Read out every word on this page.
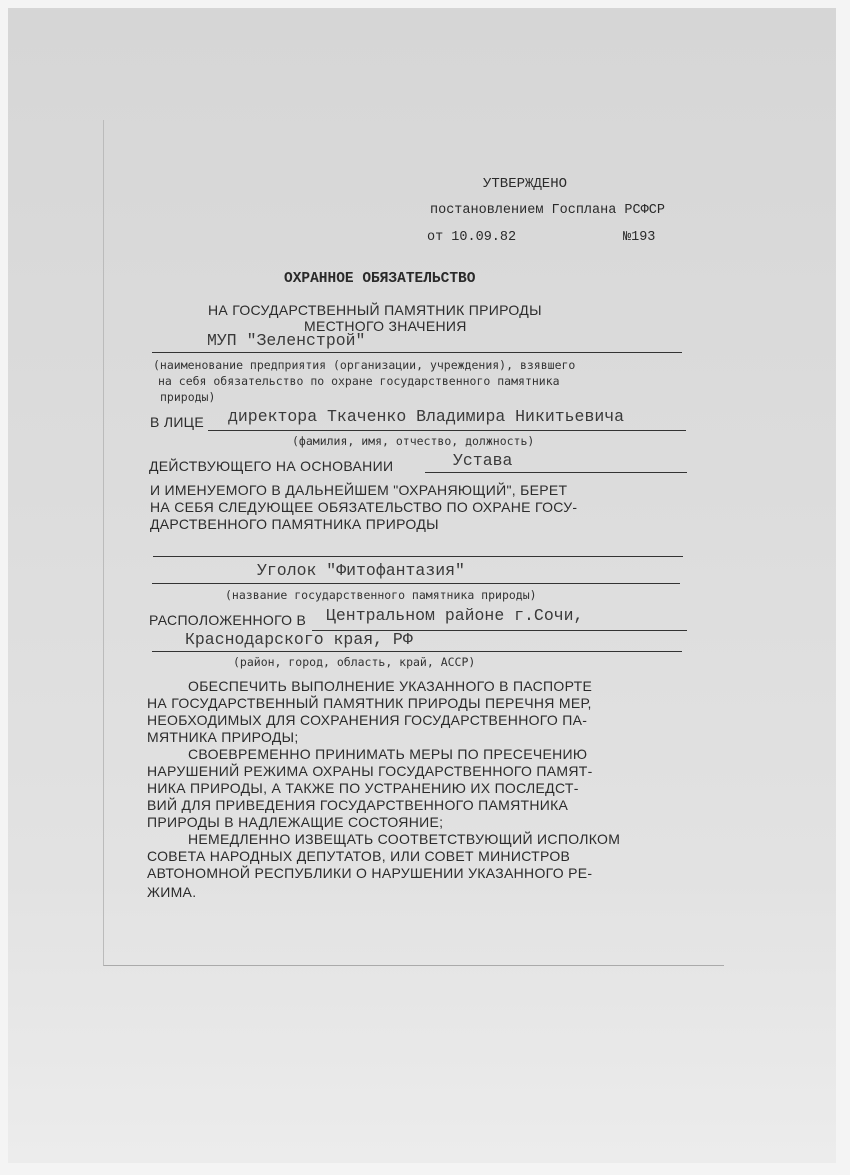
УТВЕРЖДЕНО
постановлением Госплана РСФСР
от 10.09.82	№193
ОХРАННОЕ ОБЯЗАТЕЛЬСТВО
НА ГОСУДАРСТВЕННЫЙ ПАМЯТНИК ПРИРОДЫ
МЕСТНОГО ЗНАЧЕНИЯ
МУП "Зеленстрой"
(наименование предприятия (организации, учреждения), взявшего
на себя обязательство по охране государственного памятника
природы)
В ЛИЦЕ директора Ткаченко Владимира Никитьевича
(фамилия, имя, отчество, должность)
ДЕЙСТВУЮЩЕГО НА ОСНОВАНИИ	Устава
И ИМЕНУЕМОГО В ДАЛЬНЕЙШЕМ "ОХРАНЯЮЩИЙ", БЕРЕТ
НА СЕБЯ СЛЕДУЮЩЕЕ ОБЯЗАТЕЛЬСТВО ПО ОХРАНЕ ГОСУ-
ДАРСТВЕННОГО ПАМЯТНИКА ПРИРОДЫ
Уголок "Фитофантазия"
(название государственного памятника природы)
РАСПОЛОЖЕННОГО В Центральном районе г.Сочи,
Краснодарского края, РФ
(район, город, область, край, АССР)
ОБЕСПЕЧИТЬ ВЫПОЛНЕНИЕ УКАЗАННОГО В ПАСПОРТЕ
НА ГОСУДАРСТВЕННЫЙ ПАМЯТНИК ПРИРОДЫ ПЕРЕЧНЯ МЕР,
НЕОБХОДИМЫХ ДЛЯ СОХРАНЕНИЯ ГОСУДАРСТВЕННОГО ПА-
МЯТНИКА ПРИРОДЫ;
СВОЕВРЕМЕННО ПРИНИМАТЬ МЕРЫ ПО ПРЕСЕЧЕНИЮ
НАРУШЕНИЙ РЕЖИМА ОХРАНЫ ГОСУДАРСТВЕННОГО ПАМЯТ-
НИКА ПРИРОДЫ, А ТАКЖЕ ПО УСТРАНЕНИЮ ИХ ПОСЛЕДСТ-
ВИЙ ДЛЯ ПРИВЕДЕНИЯ ГОСУДАРСТВЕННОГО ПАМЯТНИКА
ПРИРОДЫ В НАДЛЕЖАЩИЕ СОСТОЯНИЕ;
НЕМЕДЛЕННО ИЗВЕЩАТЬ СООТВЕТСТВУЮЩИЙ ИСПОЛКОМ
СОВЕТА НАРОДНЫХ ДЕПУТАТОВ, ИЛИ СОВЕТ МИНИСТРОВ
АВТОНОМНОЙ РЕСПУБЛИКИ О НАРУШЕНИИ УКАЗАННОГО РЕ-
ЖИМА.
